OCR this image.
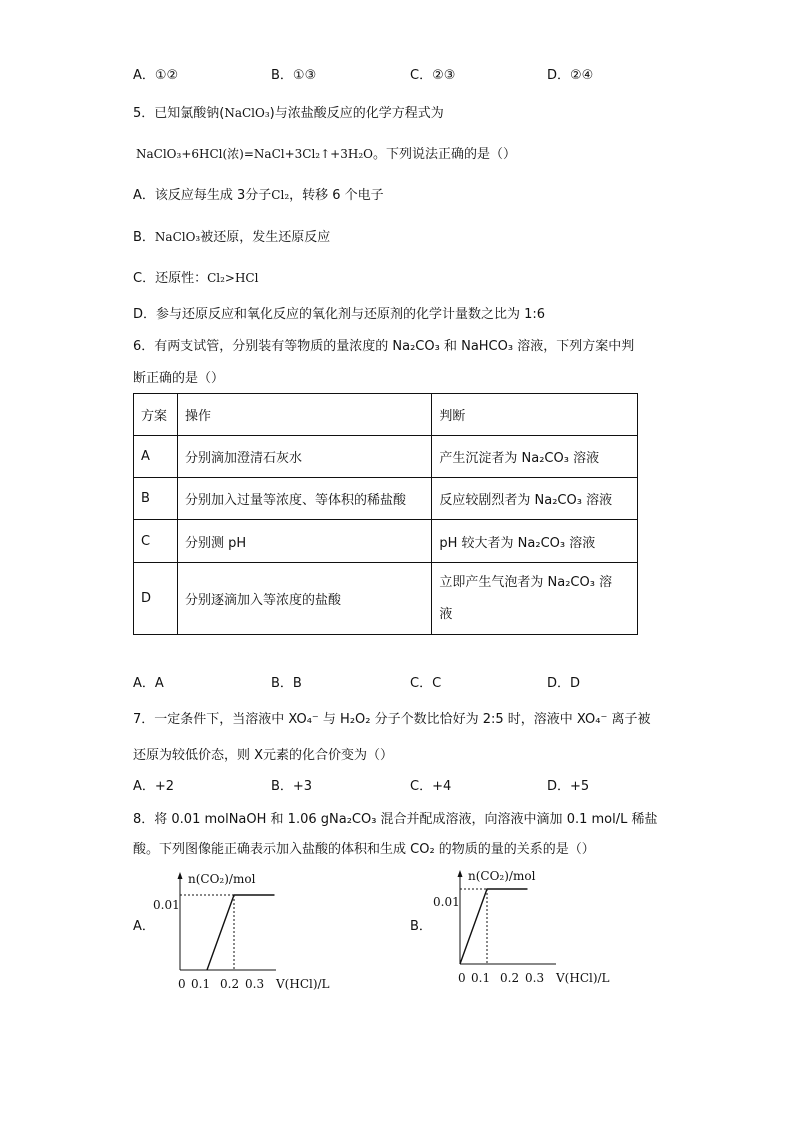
A．①②	B．①③	C．②③	D．②④
5．已知氯酸钠(NaClO₃)与浓盐酸反应的化学方程式为
NaClO₃+6HCl(浓)=NaCl+3Cl₂↑+3H₂O。下列说法正确的是（）
A．该反应每生成 3分子Cl₂，转移 6 个电子
B．NaClO₃被还原，发生还原反应
C．还原性：Cl₂>HCl
D．参与还原反应和氧化反应的氧化剂与还原剂的化学计量数之比为 1:6
6．有两支试管，分别装有等物质的量浓度的 Na₂CO₃ 和 NaHCO₃ 溶液，下列方案中判
断正确的是（）
方案	操作	判断
A	分别滴加澄清石灰水	产生沉淀者为 Na₂CO₃ 溶液
B	分别加入过量等浓度、等体积的稀盐酸	反应较剧烈者为 Na₂CO₃ 溶液
C	分别测 pH	pH 较大者为 Na₂CO₃ 溶液
D	分别逐滴加入等浓度的盐酸	立即产生气泡者为 Na₂CO₃ 溶
液
A．A	B．B	C．C	D．D
7．一定条件下，当溶液中 XO₄⁻ 与 H₂O₂ 分子个数比恰好为 2:5 时，溶液中 XO₄⁻ 离子被
还原为较低价态，则 X元素的化合价变为（）
A．+2	B．+3	C．+4	D．+5
8．将 0.01 molNaOH 和 1.06 gNa₂CO₃ 混合并配成溶液，向溶液中滴加 0.1 mol/L 稀盐
酸。下列图像能正确表示加入盐酸的体积和生成 CO₂ 的物质的量的关系的是（）
A．	B．
n(CO₂)/mol
0.01
0 0.1 0.2 0.3 V(HCl)/L
n(CO₂)/mol
0.01
0 0.1 0.2 0.3 V(HCl)/L
